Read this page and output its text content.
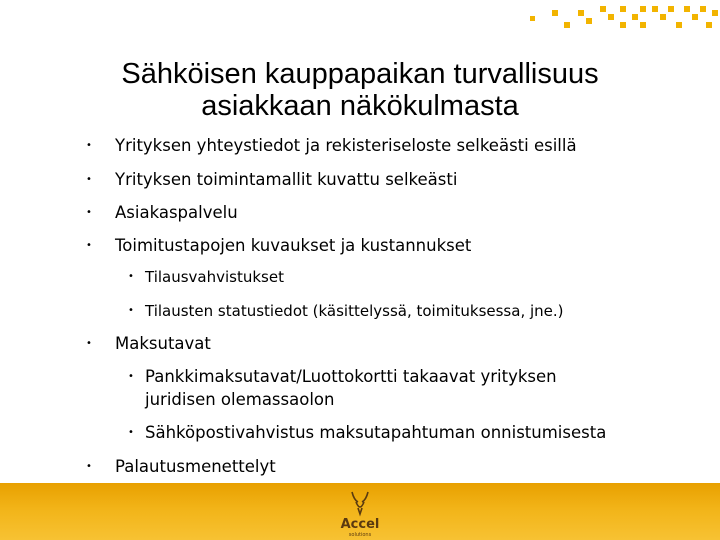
Sähköisen kauppapaikan turvallisuus
asiakkaan näkökulmasta
• Yrityksen yhteystiedot ja rekisteriseloste selkeästi esillä
• Yrityksen toimintamallit kuvattu selkeästi
• Asiakaspalvelu
• Toimitustapojen kuvaukset ja kustannukset
• Tilausvahvistukset
• Tilausten statustiedot (käsittelyssä, toimituksessa, jne.)
• Maksutavat
• Pankkimaksutavat/Luottokortti takaavat yrityksen
juridisen olemassaolon
• Sähköpostivahvistus maksutapahtuman onnistumisesta
• Palautusmenettelyt
Accel
solutions
